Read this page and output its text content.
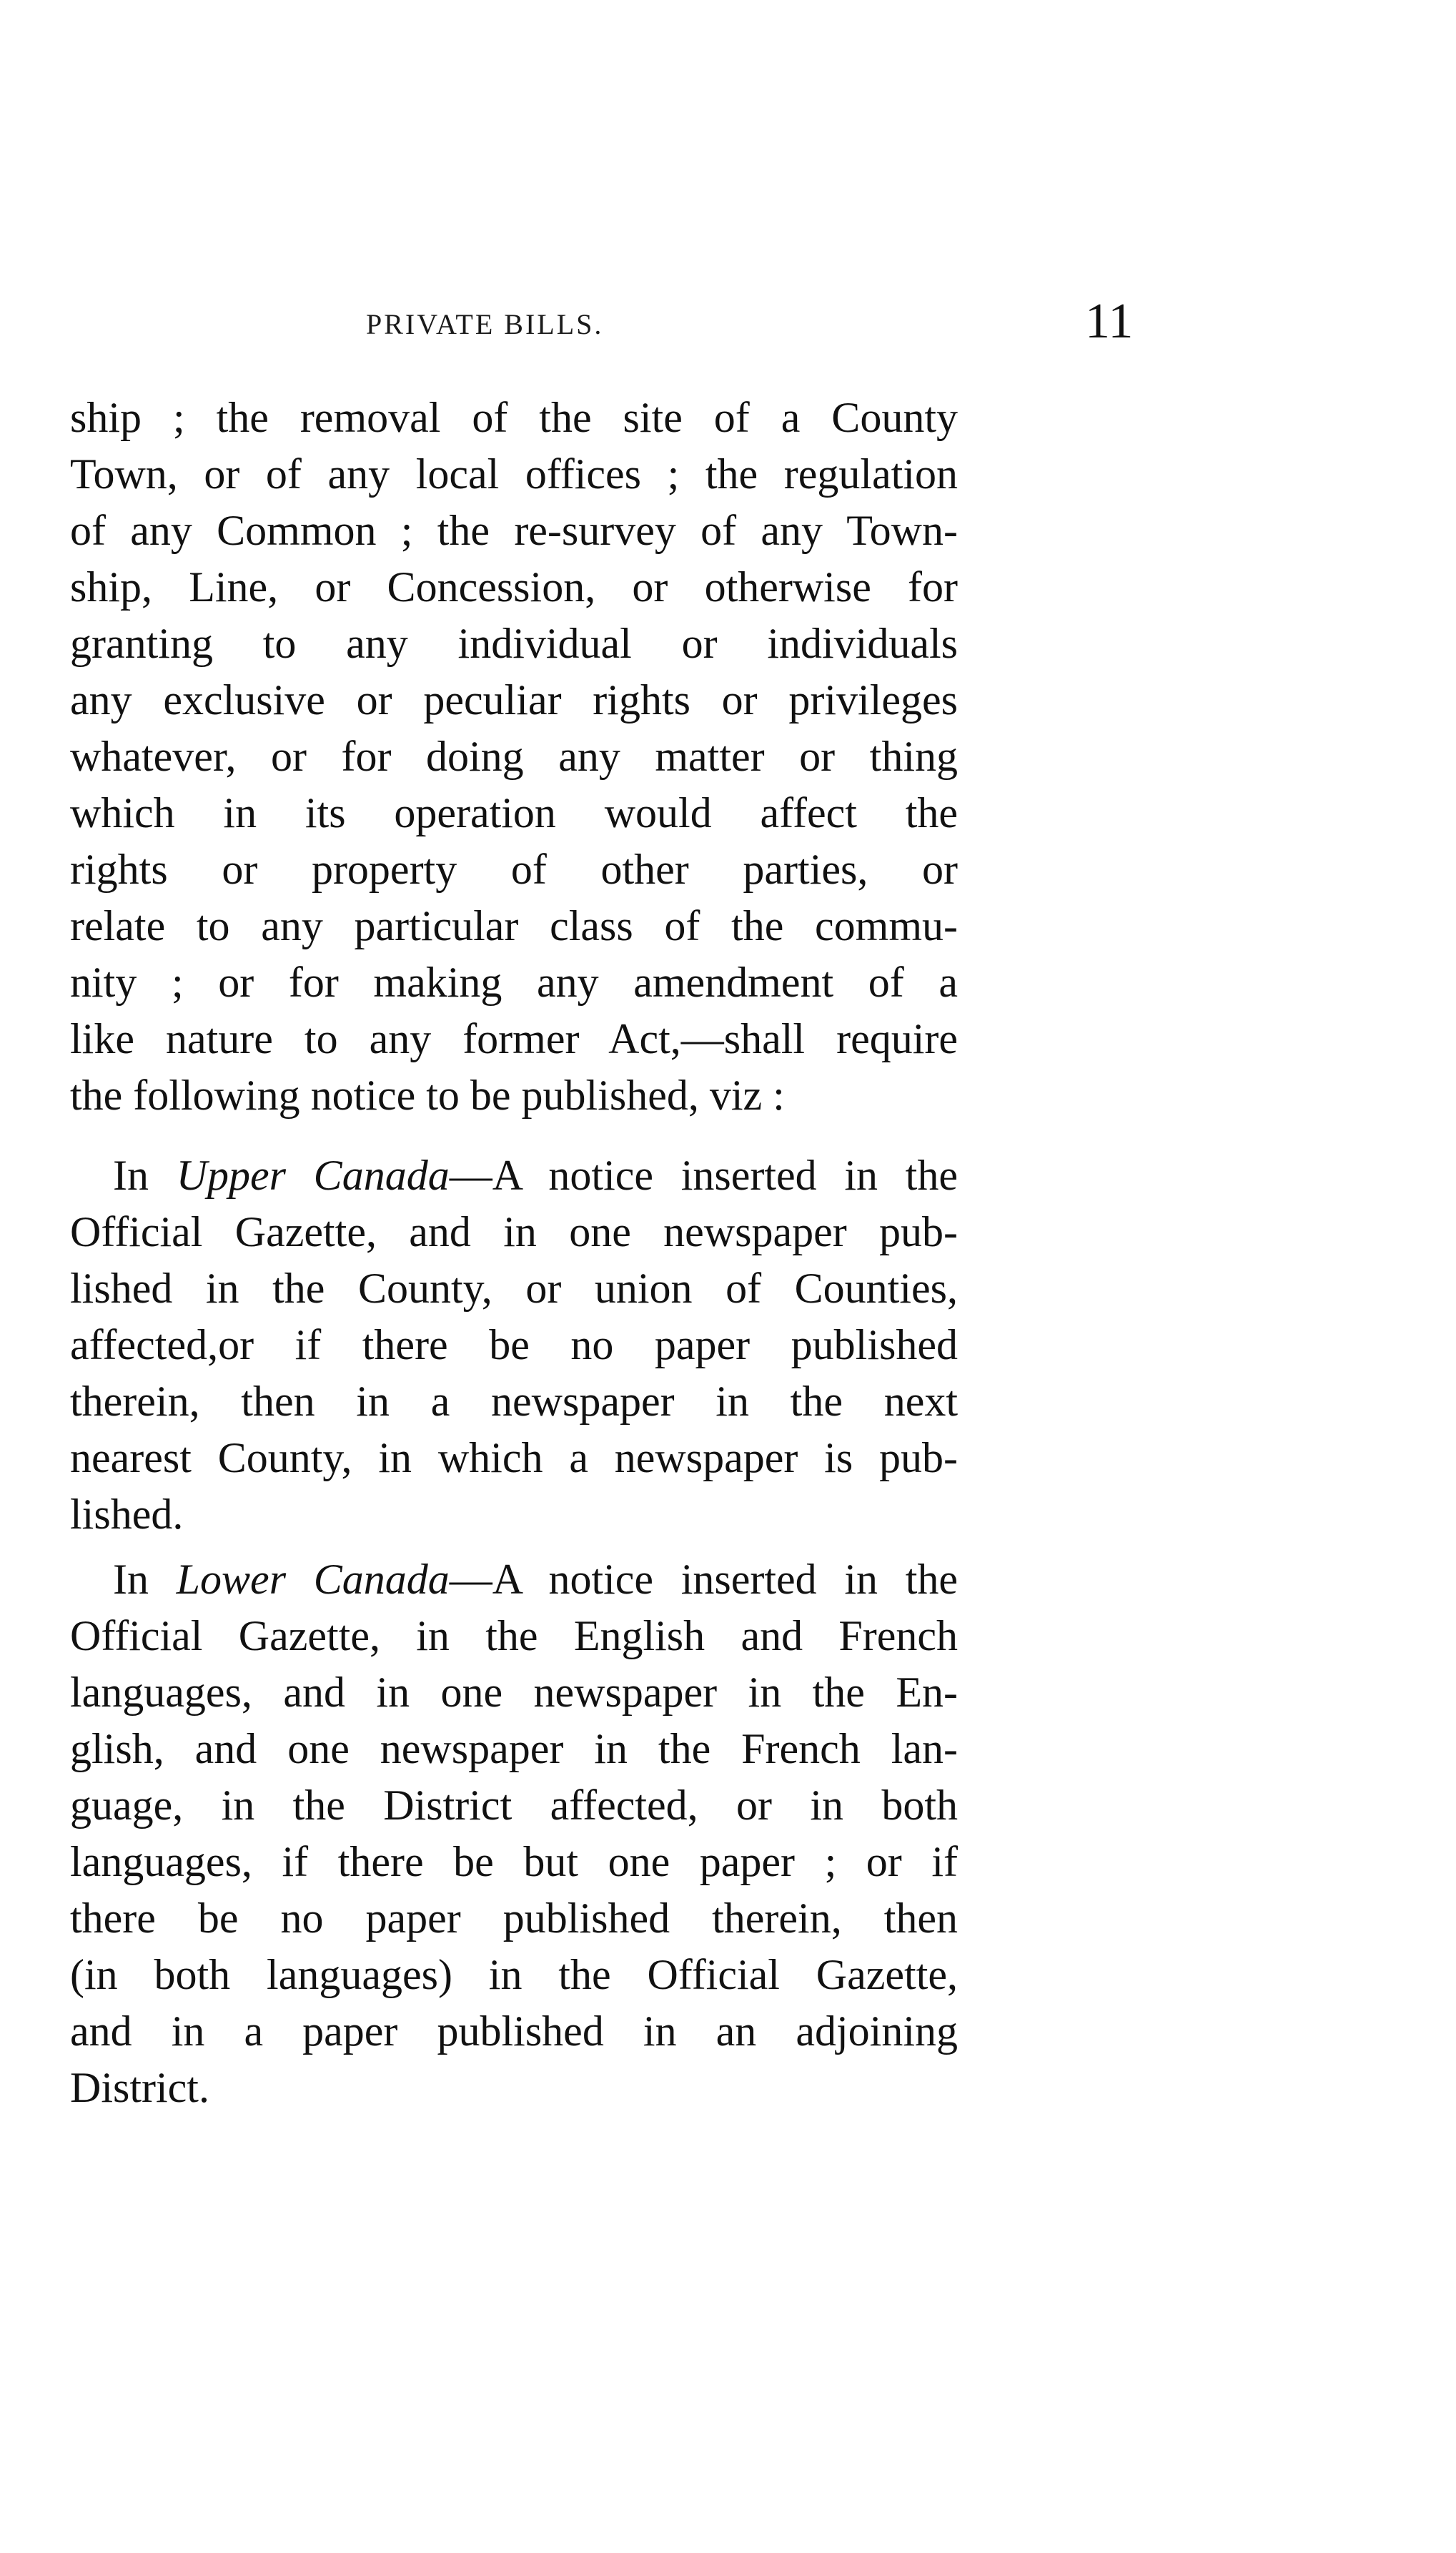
PRIVATE BILLS.	11
ship ; the removal of the site of a County
Town, or of any local offices ; the regulation
of any Common ; the re-survey of any Town-
ship, Line, or Concession, or otherwise for
granting to any individual or individuals
any exclusive or peculiar rights or privileges
whatever, or for doing any matter or thing
which in its operation would affect the
rights or property of other parties, or
relate to any particular class of the commu-
nity ; or for making any amendment of a
like nature to any former Act,—shall require
the following notice to be published, viz :
In Upper Canada—A notice inserted in the
Official Gazette, and in one newspaper pub-
lished in the County, or union of Counties,
affected,or if there be no paper published
therein, then in a newspaper in the next
nearest County, in which a newspaper is pub-
lished.
In Lower Canada—A notice inserted in the
Official Gazette, in the English and French
languages, and in one newspaper in the En-
glish, and one newspaper in the French lan-
guage, in the District affected, or in both
languages, if there be but one paper ; or if
there be no paper published therein, then
(in both languages) in the Official Gazette,
and in a paper published in an adjoining
District.
